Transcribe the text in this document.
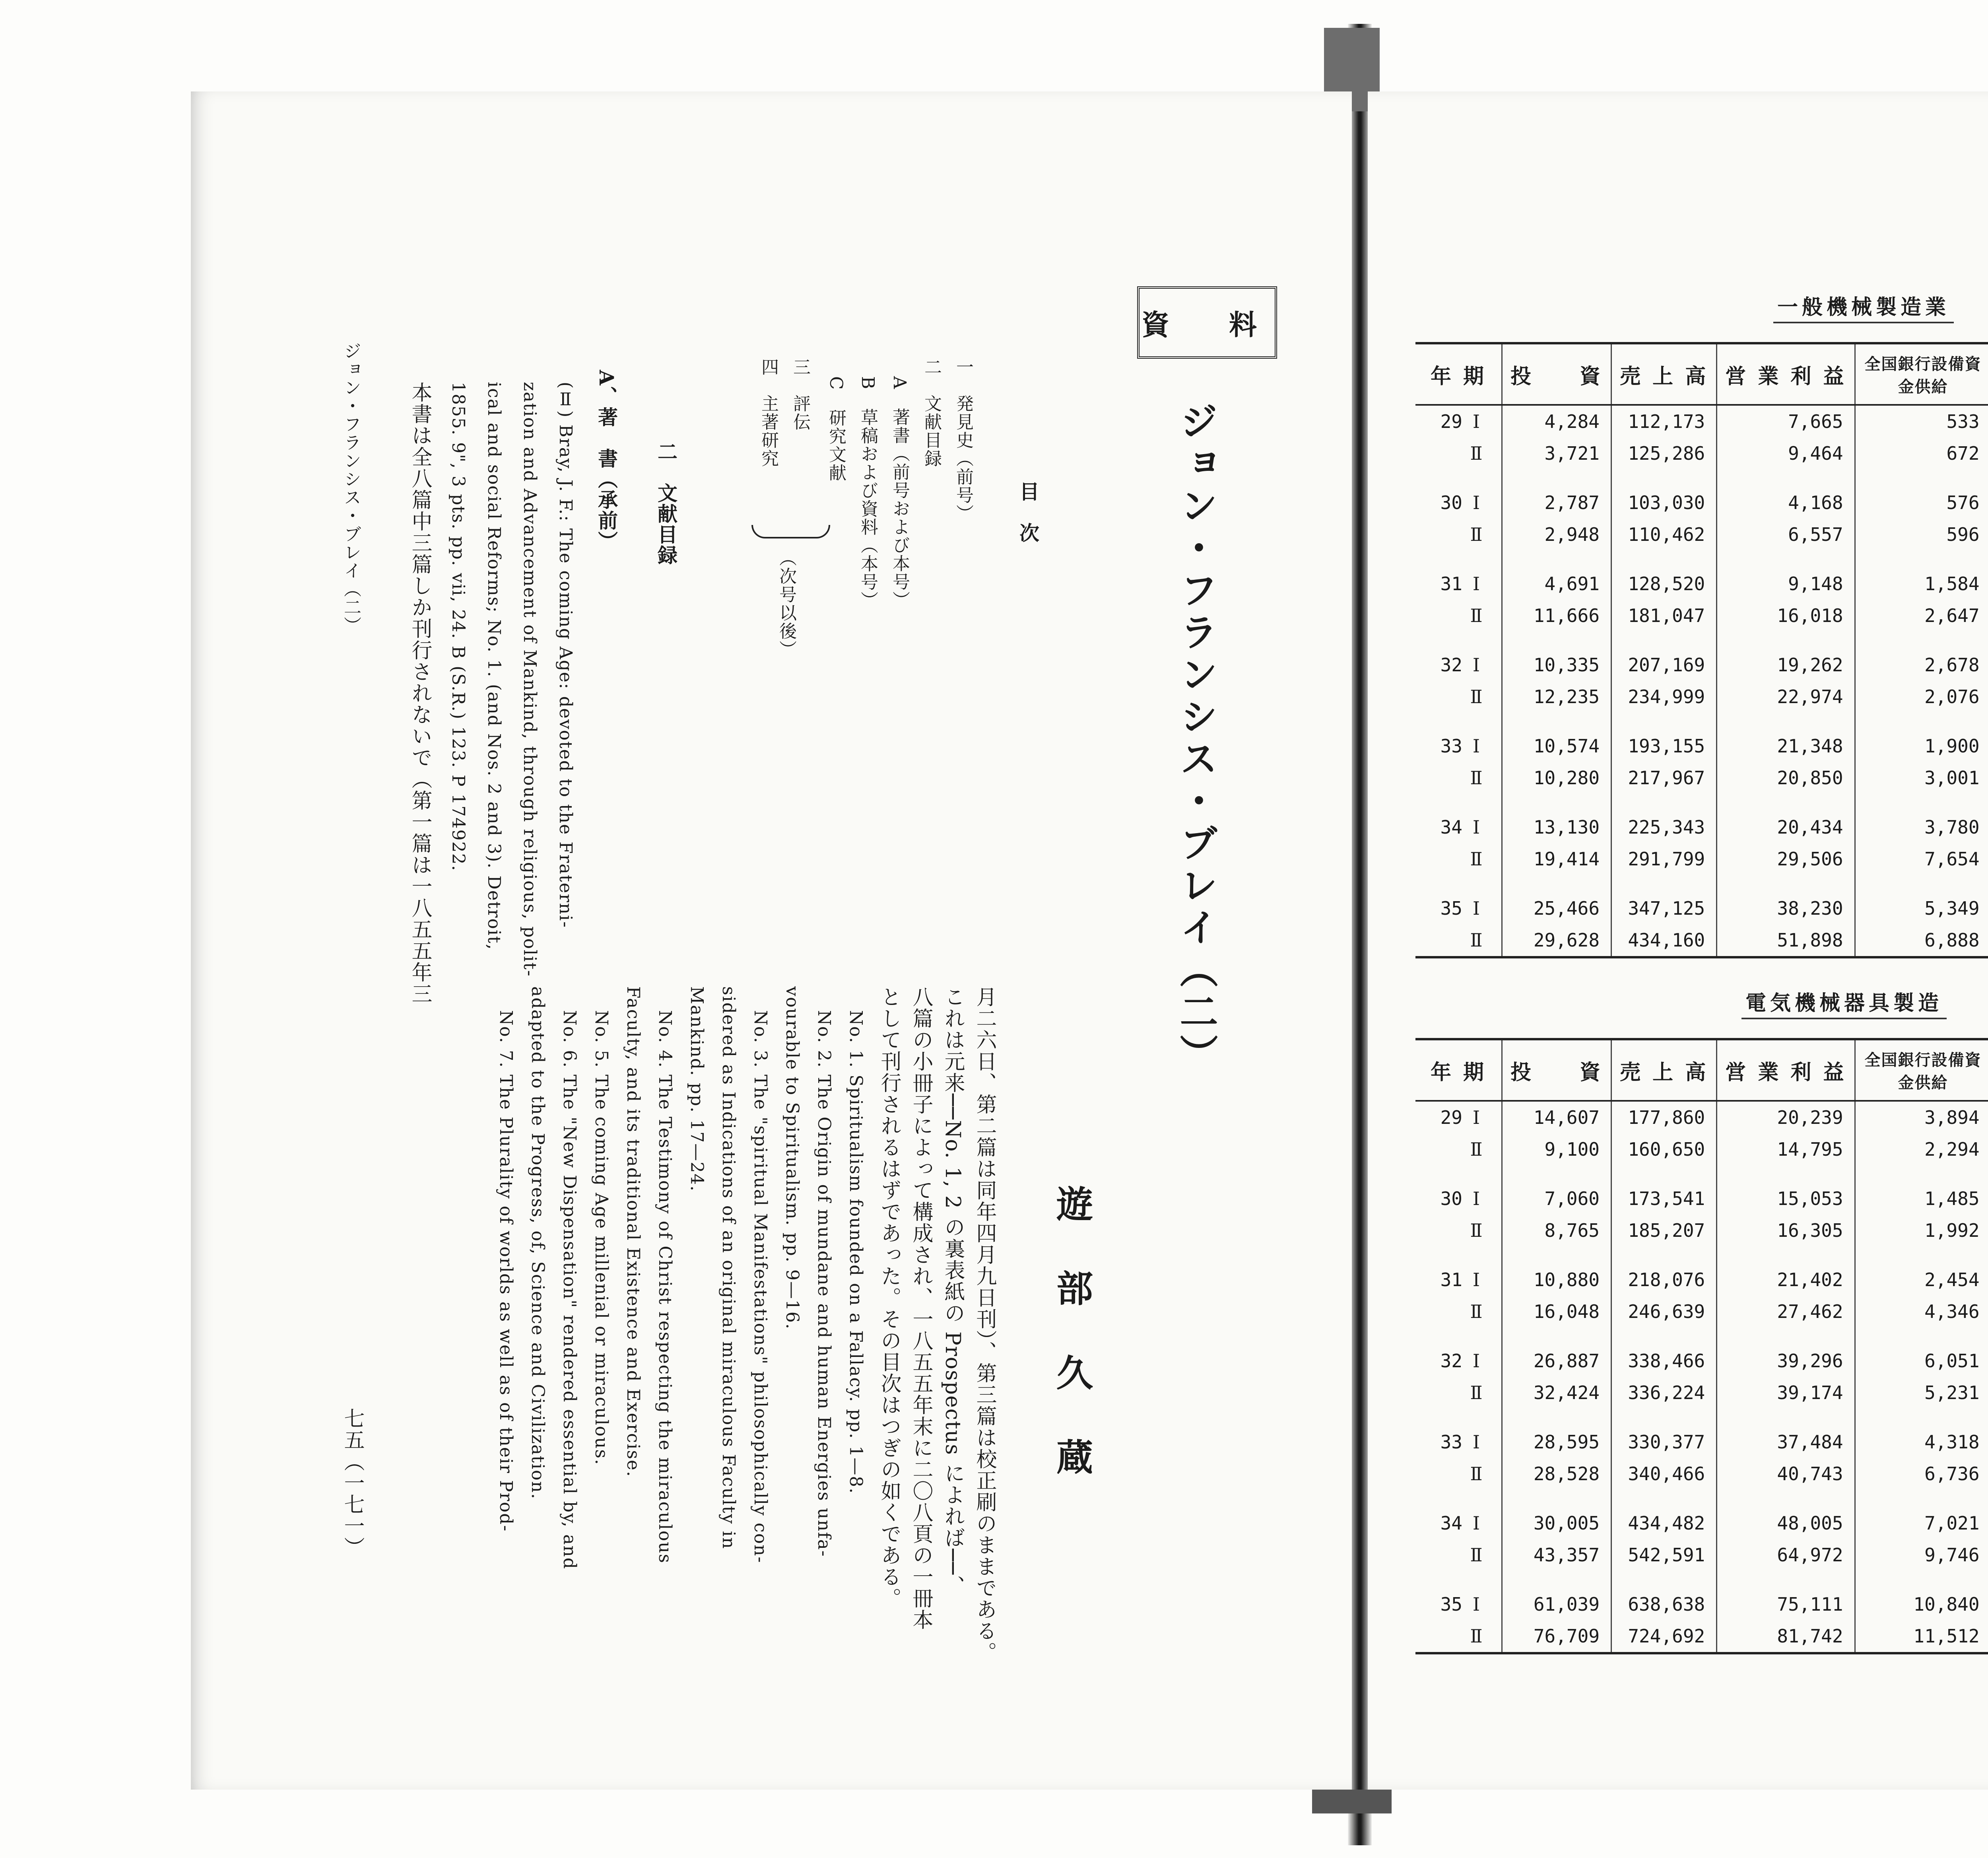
資　料
ジョン・フランシス・ブレイ（二）
遊部久蔵
月二六日、第二篇は同年四月九日刊）、第三篇は校正刷のままである。
これは元来──No. 1, 2 の裏表紙の Prospectus によれば──、
八篇の小冊子によって構成され、一八五五年末に二〇八頁の一冊本
として刊行されるはずであった。その目次はつぎの如くである。
No. 1. Spiritualism founded on a Fallacy. pp. 1—8.
No. 2. The Origin of mundane and human Energies unfa-
vourable to Spiritualism. pp. 9—16.
No. 3. The "spiritual Manifestations" philosophically con-
sidered as Indications of an original miraculous Faculty in
Mankind. pp. 17—24.
No. 4. The Testimony of Christ respecting the miraculous
Faculty, and its traditional Existence and Exercise.
No. 5. The coming Age millenial or miraculous.
No. 6. The "New Dispensation" rendered essential by, and
adapted to the Progress, of, Science and Civilization.
No. 7. The Plurality of worlds as well as of their Prod-
目　次
一　発見史（前号）
二　文献目録
　A　著書（前号および本号）
　B　草稿および資料（本号）
　C　研究文献
三　評伝
四　主著研究
（次号以後）
二　文献目録
A、著　書（承前）
(Ⅱ) Bray, J. F.: The coming Age: devoted to the Fraterni-
zation and Advancement of Mankind, through religious, polit-
ical and social Reforms; No. 1. (and Nos. 2 and 3). Detroit,
1855. 9", 3 pts. pp. vii, 24. B (S.R.) 123. P 174922.
本書は全八篇中三篇しか刊行されないで（第一篇は一八五五年三
ジョン・フランシス・ブレイ（二）
七五（一七一）
一般機械製造業
年 期	投　　資	売 上 高	営 業 利 益	全国銀行設備資金供給	
29 Ⅰ	4,284	112,173	7,665	533	
Ⅱ	3,721	125,286	9,464	672	
30 Ⅰ	2,787	103,030	4,168	576	
Ⅱ	2,948	110,462	6,557	596	
31 Ⅰ	4,691	128,520	9,148	1,584	
Ⅱ	11,666	181,047	16,018	2,647	
32 Ⅰ	10,335	207,169	19,262	2,678	
Ⅱ	12,235	234,999	22,974	2,076	
33 Ⅰ	10,574	193,155	21,348	1,900	
Ⅱ	10,280	217,967	20,850	3,001	
34 Ⅰ	13,130	225,343	20,434	3,780	
Ⅱ	19,414	291,799	29,506	7,654	
35 Ⅰ	25,466	347,125	38,230	5,349	
Ⅱ	29,628	434,160	51,898	6,888	
電気機械器具製造
年 期	投　　資	売 上 高	営 業 利 益	全国銀行設備資金供給	
29 Ⅰ	14,607	177,860	20,239	3,894	
Ⅱ	9,100	160,650	14,795	2,294	
30 Ⅰ	7,060	173,541	15,053	1,485	
Ⅱ	8,765	185,207	16,305	1,992	
31 Ⅰ	10,880	218,076	21,402	2,454	
Ⅱ	16,048	246,639	27,462	4,346	
32 Ⅰ	26,887	338,466	39,296	6,051	
Ⅱ	32,424	336,224	39,174	5,231	
33 Ⅰ	28,595	330,377	37,484	4,318	
Ⅱ	28,528	340,466	40,743	6,736	
34 Ⅰ	30,005	434,482	48,005	7,021	
Ⅱ	43,357	542,591	64,972	9,746	
35 Ⅰ	61,039	638,638	75,111	10,840	
Ⅱ	76,709	724,692	81,742	11,512	
